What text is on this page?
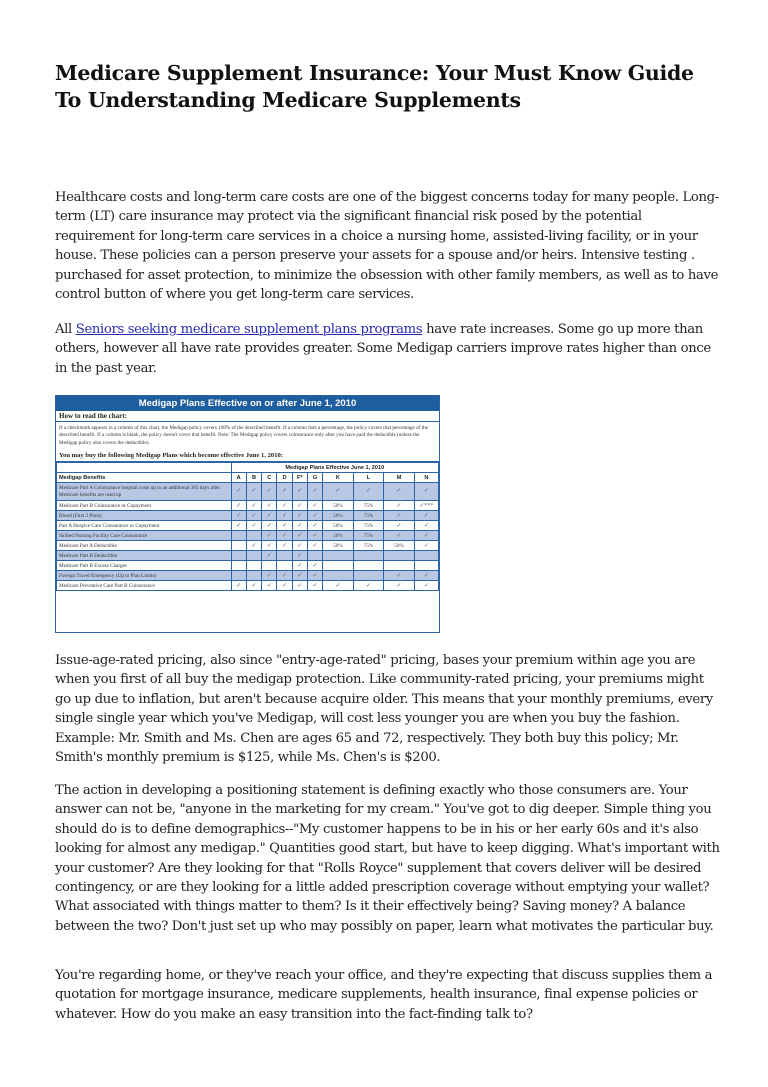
Medicare Supplement Insurance: Your Must Know Guide To Understanding Medicare Supplements

Healthcare costs and long-term care costs are one of the biggest concerns today for many people. Long-term (LT) care insurance may protect via the significant financial risk posed by the potential requirement for long-term care services in a choice a nursing home, assisted-living facility, or in your house. These policies can a person preserve your assets for a spouse and/or heirs. Intensive testing . purchased for asset protection, to minimize the obsession with other family members, as well as to have control button of where you get long-term care services.

All Seniors seeking medicare supplement plans programs have rate increases. Some go up more than others, however all have rate provides greater. Some Medigap carriers improve rates higher than once in the past year.

Medigap Plans Effective on or after June 1, 2010
How to read the chart:
If a checkmark appears in a column of this chart, the Medigap policy covers 100% of the described benefit. If a column lists a percentage, the policy covers that percentage of the described benefit. If a column is blank, the policy doesn't cover that benefit. Note: The Medigap policy covers coinsurance only after you have paid the deductible (unless the Medigap policy also covers the deductible).
You may buy the following Medigap Plans which become effective June 1, 2010:
	Medigap Plans Effective June 1, 2010									
Medigap Benefits	A	B	C	D	F*	G	K	L	M	N
Medicare Part A Coinsurance hospital costs up to an additional 365 days after Medicare benefits are used up	✓	✓	✓	✓	✓	✓	✓	✓	✓	✓
Medicare Part B Coinsurance or Copayment	✓	✓	✓	✓	✓	✓	50%	75%	✓	✓***
Blood (First 3 Pints)	✓	✓	✓	✓	✓	✓	50%	75%	✓	✓
Part A Hospice Care Coinsurance or Copayment	✓	✓	✓	✓	✓	✓	50%	75%	✓	✓
Skilled Nursing Facility Care Coinsurance			✓	✓	✓	✓	50%	75%	✓	✓
Medicare Part A Deductible		✓	✓	✓	✓	✓	50%	75%	50%	✓
Medicare Part B Deductible			✓		✓					
Medicare Part B Excess Charges					✓	✓				
Foreign Travel Emergency (Up to Plan Limits)			✓	✓	✓	✓			✓	✓
Medicare Preventive Care Part B Coinsurance	✓	✓	✓	✓	✓	✓	✓	✓	✓	✓

Issue-age-rated pricing, also since "entry-age-rated" pricing, bases your premium within age you are when you first of all buy the medigap protection. Like community-rated pricing, your premiums might go up due to inflation, but aren't because acquire older. This means that your monthly premiums, every single single year which you've Medigap, will cost less younger you are when you buy the fashion. Example: Mr. Smith and Ms. Chen are ages 65 and 72, respectively. They both buy this policy; Mr. Smith's monthly premium is $125, while Ms. Chen's is $200.

The action in developing a positioning statement is defining exactly who those consumers are. Your answer can not be, "anyone in the marketing for my cream." You've got to dig deeper. Simple thing you should do is to define demographics--"My customer happens to be in his or her early 60s and it's also looking for almost any medigap." Quantities good start, but have to keep digging. What's important with your customer? Are they looking for that "Rolls Royce" supplement that covers deliver will be desired contingency, or are they looking for a little added prescription coverage without emptying your wallet? What associated with things matter to them? Is it their effectively being? Saving money? A balance between the two? Don't just set up who may possibly on paper, learn what motivates the particular buy.

You're regarding home, or they've reach your office, and they're expecting that discuss supplies them a quotation for mortgage insurance, medicare supplements, health insurance, final expense policies or whatever. How do you make an easy transition into the fact-finding talk to?
